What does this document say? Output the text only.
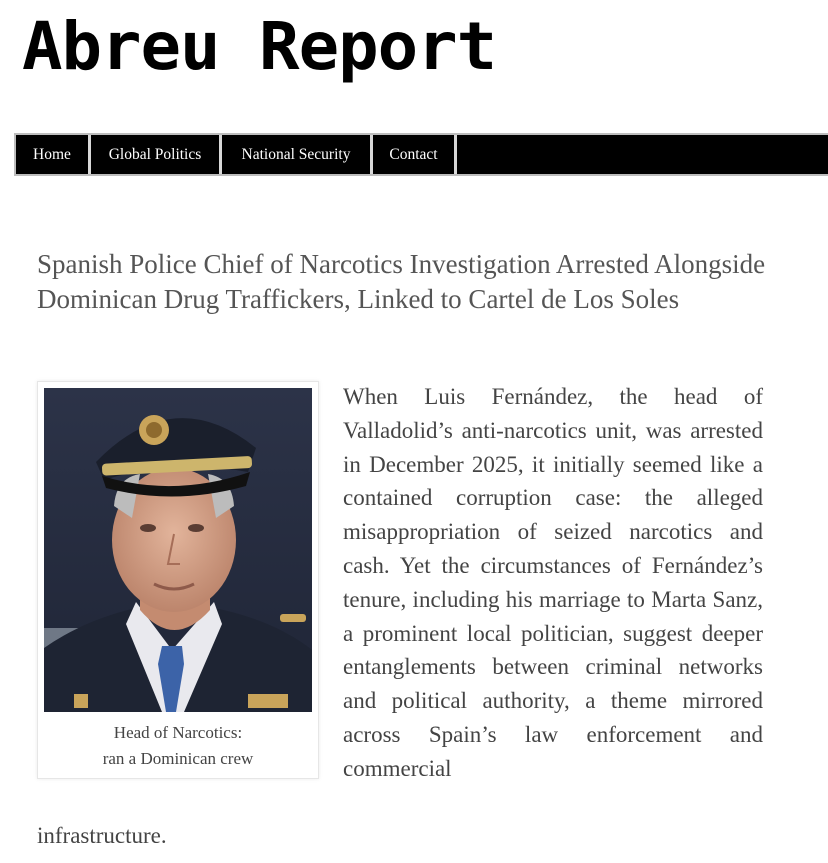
Abreu Report
Home	Global Politics	National Security	Contact
Spanish Police Chief of Narcotics Investigation Arrested Alongside Dominican Drug Traffickers, Linked to Cartel de Los Soles
Head of Narcotics:
ran a Dominican crew

When Luis Fernández, the head of Valladolid’s anti-narcotics unit, was arrested in December 2025, it initially seemed like a contained corruption case: the alleged misappropriation of seized narcotics and cash. Yet the circumstances of Fernández’s tenure, including his marriage to Marta Sanz, a prominent local politician, suggest deeper entanglements between criminal networks and political authority, a theme mirrored across Spain’s law enforcement and commercial

infrastructure.
